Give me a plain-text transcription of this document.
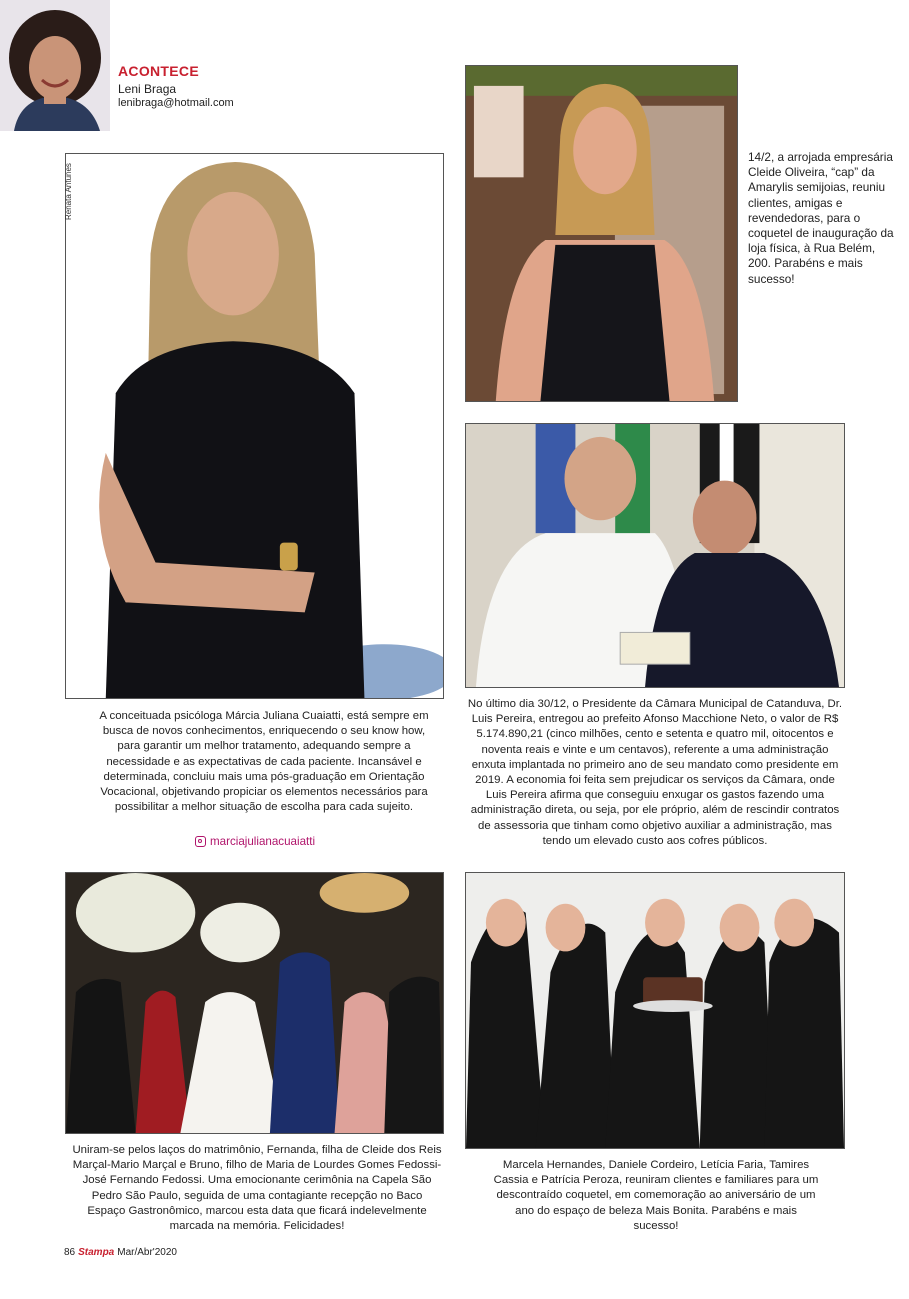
ACONTECE
Leni Braga
lenibraga@hotmail.com
Renata Antunes
A conceituada psicóloga Márcia Juliana Cuaiatti, está sempre em busca de novos conhecimentos, enriquecendo o seu know how, para garantir um melhor tratamento, adequando sempre a necessidade e as expectativas de cada paciente. Incansável e determinada, concluiu mais uma pós-graduação em Orientação Vocacional, objetivando propiciar os elementos necessários para possibilitar a melhor situação de escolha para cada sujeito.
marciajulianacuaiatti
14/2, a arrojada empresária Cleide Oliveira, “cap” da Amarylis semijoias, reuniu clientes, amigas e revendedoras, para o coquetel de inauguração da loja física, à Rua Belém, 200. Parabéns e mais sucesso!
No último dia 30/12, o Presidente da Câmara Municipal de Catanduva, Dr. Luis Pereira, entregou ao prefeito Afonso Macchione Neto, o valor de R$ 5.174.890,21 (cinco milhões, cento e setenta e quatro mil, oitocentos e noventa reais e vinte e um centavos), referente a uma administração enxuta implantada no primeiro ano de seu mandato como presidente em 2019. A economia foi feita sem prejudicar os serviços da Câmara, onde Luis Pereira afirma que conseguiu enxugar os gastos fazendo uma administração direta, ou seja, por ele próprio, além de rescindir contratos de assessoria que tinham como objetivo auxiliar a administração, mas tendo um elevado custo aos cofres públicos.
Uniram-se pelos laços do matrimônio, Fernanda, filha de Cleide dos Reis Marçal-Mario Marçal e Bruno, filho de Maria de Lourdes Gomes Fedossi-José Fernando Fedossi. Uma emocionante cerimônia na Capela São Pedro São Paulo, seguida de uma contagiante recepção no Baco Espaço Gastronômico, marcou esta data que ficará indelevelmente marcada na memória. Felicidades!
Marcela Hernandes, Daniele Cordeiro, Letícia Faria, Tamires Cassia e Patrícia Peroza, reuniram clientes e familiares para um descontraído coquetel, em comemoração ao aniversário de um ano do espaço de beleza Mais Bonita. Parabéns e mais sucesso!
86 Stampa Mar/Abr'2020
